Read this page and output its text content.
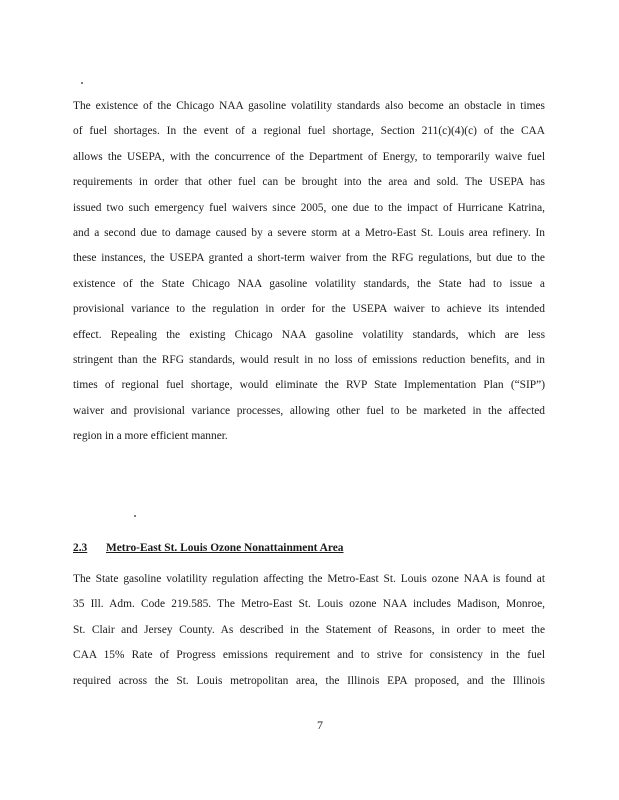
The existence of the Chicago NAA gasoline volatility standards also become an obstacle in times
of fuel shortages. In the event of a regional fuel shortage, Section 211(c)(4)(c) of the CAA
allows the USEPA, with the concurrence of the Department of Energy, to temporarily waive fuel
requirements in order that other fuel can be brought into the area and sold. The USEPA has
issued two such emergency fuel waivers since 2005, one due to the impact of Hurricane Katrina,
and a second due to damage caused by a severe storm at a Metro-East St. Louis area refinery. In
these instances, the USEPA granted a short-term waiver from the RFG regulations, but due to the
existence of the State Chicago NAA gasoline volatility standards, the State had to issue a
provisional variance to the regulation in order for the USEPA waiver to achieve its intended
effect. Repealing the existing Chicago NAA gasoline volatility standards, which are less
stringent than the RFG standards, would result in no loss of emissions reduction benefits, and in
times of regional fuel shortage, would eliminate the RVP State Implementation Plan (“SIP”)
waiver and provisional variance processes, allowing other fuel to be marketed in the affected
region in a more efficient manner.
2.3 Metro-East St. Louis Ozone Nonattainment Area
The State gasoline volatility regulation affecting the Metro-East St. Louis ozone NAA is found at
35 Ill. Adm. Code 219.585. The Metro-East St. Louis ozone NAA includes Madison, Monroe,
St. Clair and Jersey County. As described in the Statement of Reasons, in order to meet the
CAA 15% Rate of Progress emissions requirement and to strive for consistency in the fuel
required across the St. Louis metropolitan area, the Illinois EPA proposed, and the Illinois
7
